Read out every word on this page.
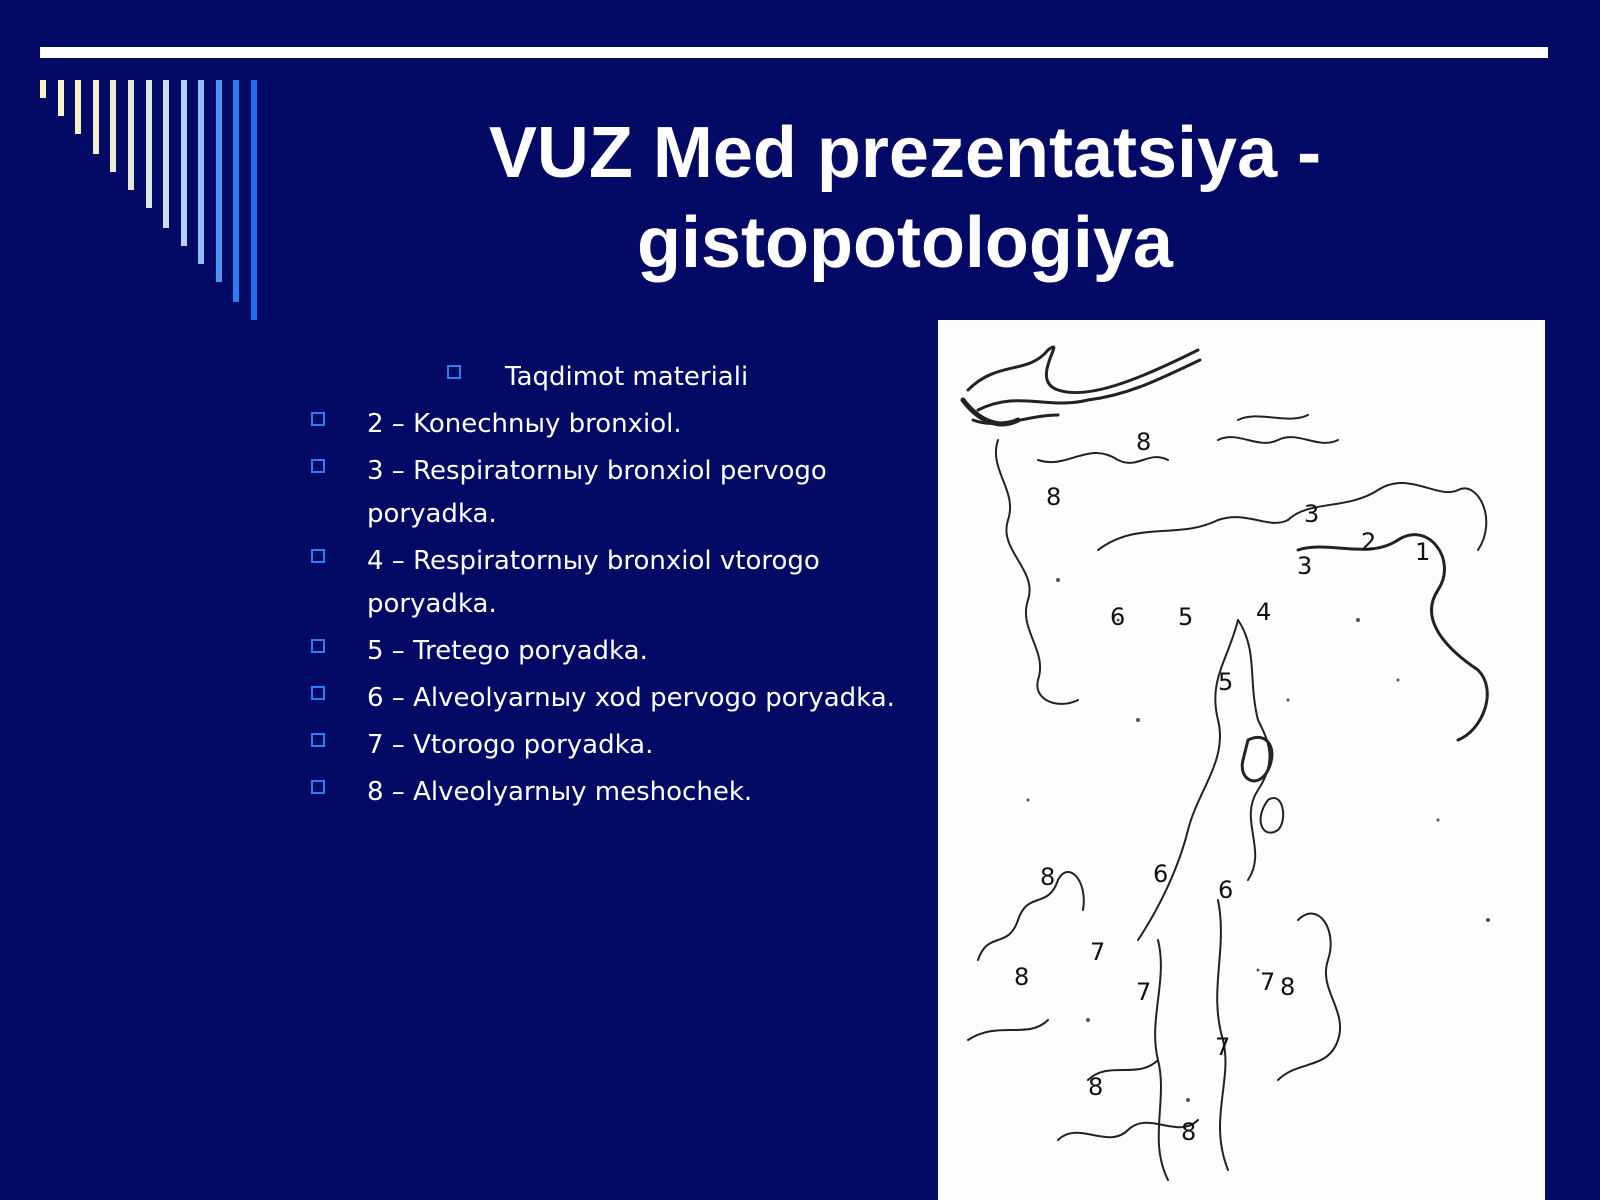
VUZ Med prezentatsiya - gistopotologiya
Taqdimot materiali
2 – Konechnыy bronxiol.
3 – Respiratornыy bronxiol pervogo poryadka.
4 – Respiratornыy bronxiol vtorogo poryadka.
5 – Tretego poryadka.
6 – Alveolyarnыy xod pervogo poryadka.
7 – Vtorogo poryadka.
8 – Alveolyarnыy meshochek.
1
2
3
3
4
5
5
6
6
6
7
7	7
7
8
8
8
8	8
8
8
